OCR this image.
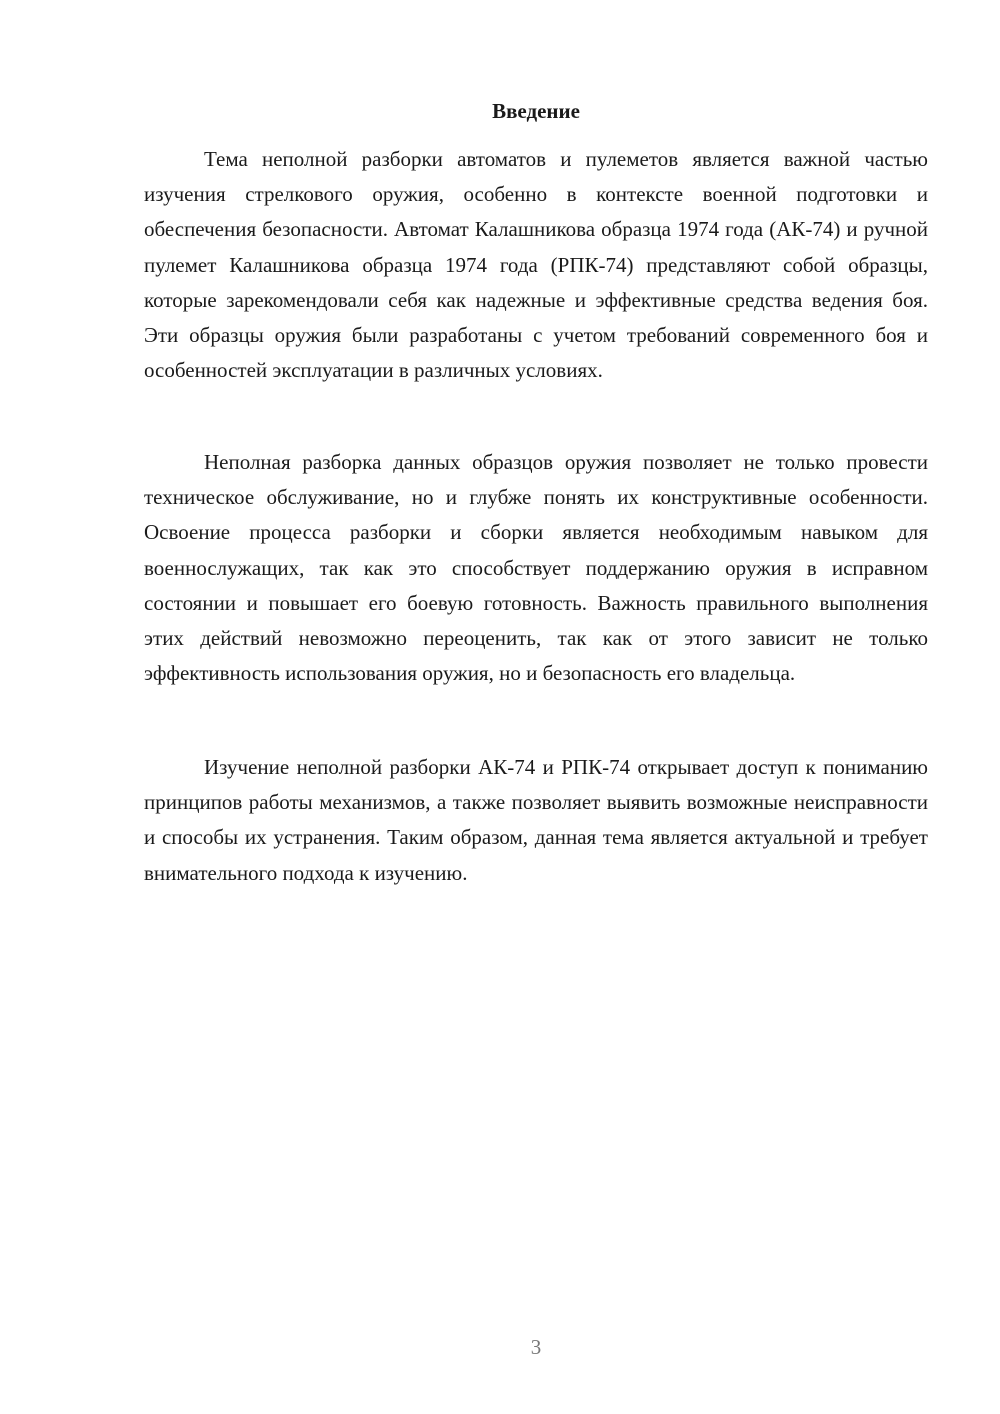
Введение

Тема неполной разборки автоматов и пулеметов является важной частью изучения стрелкового оружия, особенно в контексте военной подготовки и обеспечения безопасности. Автомат Калашникова образца 1974 года (АК-74) и ручной пулемет Калашникова образца 1974 года (РПК-74) представляют собой образцы, которые зарекомендовали себя как надежные и эффективные средства ведения боя. Эти образцы оружия были разработаны с учетом требований современного боя и особенностей эксплуатации в различных условиях.

Неполная разборка данных образцов оружия позволяет не только провести техническое обслуживание, но и глубже понять их конструктивные особенности. Освоение процесса разборки и сборки является необходимым навыком для военнослужащих, так как это способствует поддержанию оружия в исправном состоянии и повышает его боевую готовность. Важность правильного выполнения этих действий невозможно переоценить, так как от этого зависит не только эффективность использования оружия, но и безопасность его владельца.

Изучение неполной разборки АК-74 и РПК-74 открывает доступ к пониманию принципов работы механизмов, а также позволяет выявить возможные неисправности и способы их устранения. Таким образом, данная тема является актуальной и требует внимательного подхода к изучению.

3
